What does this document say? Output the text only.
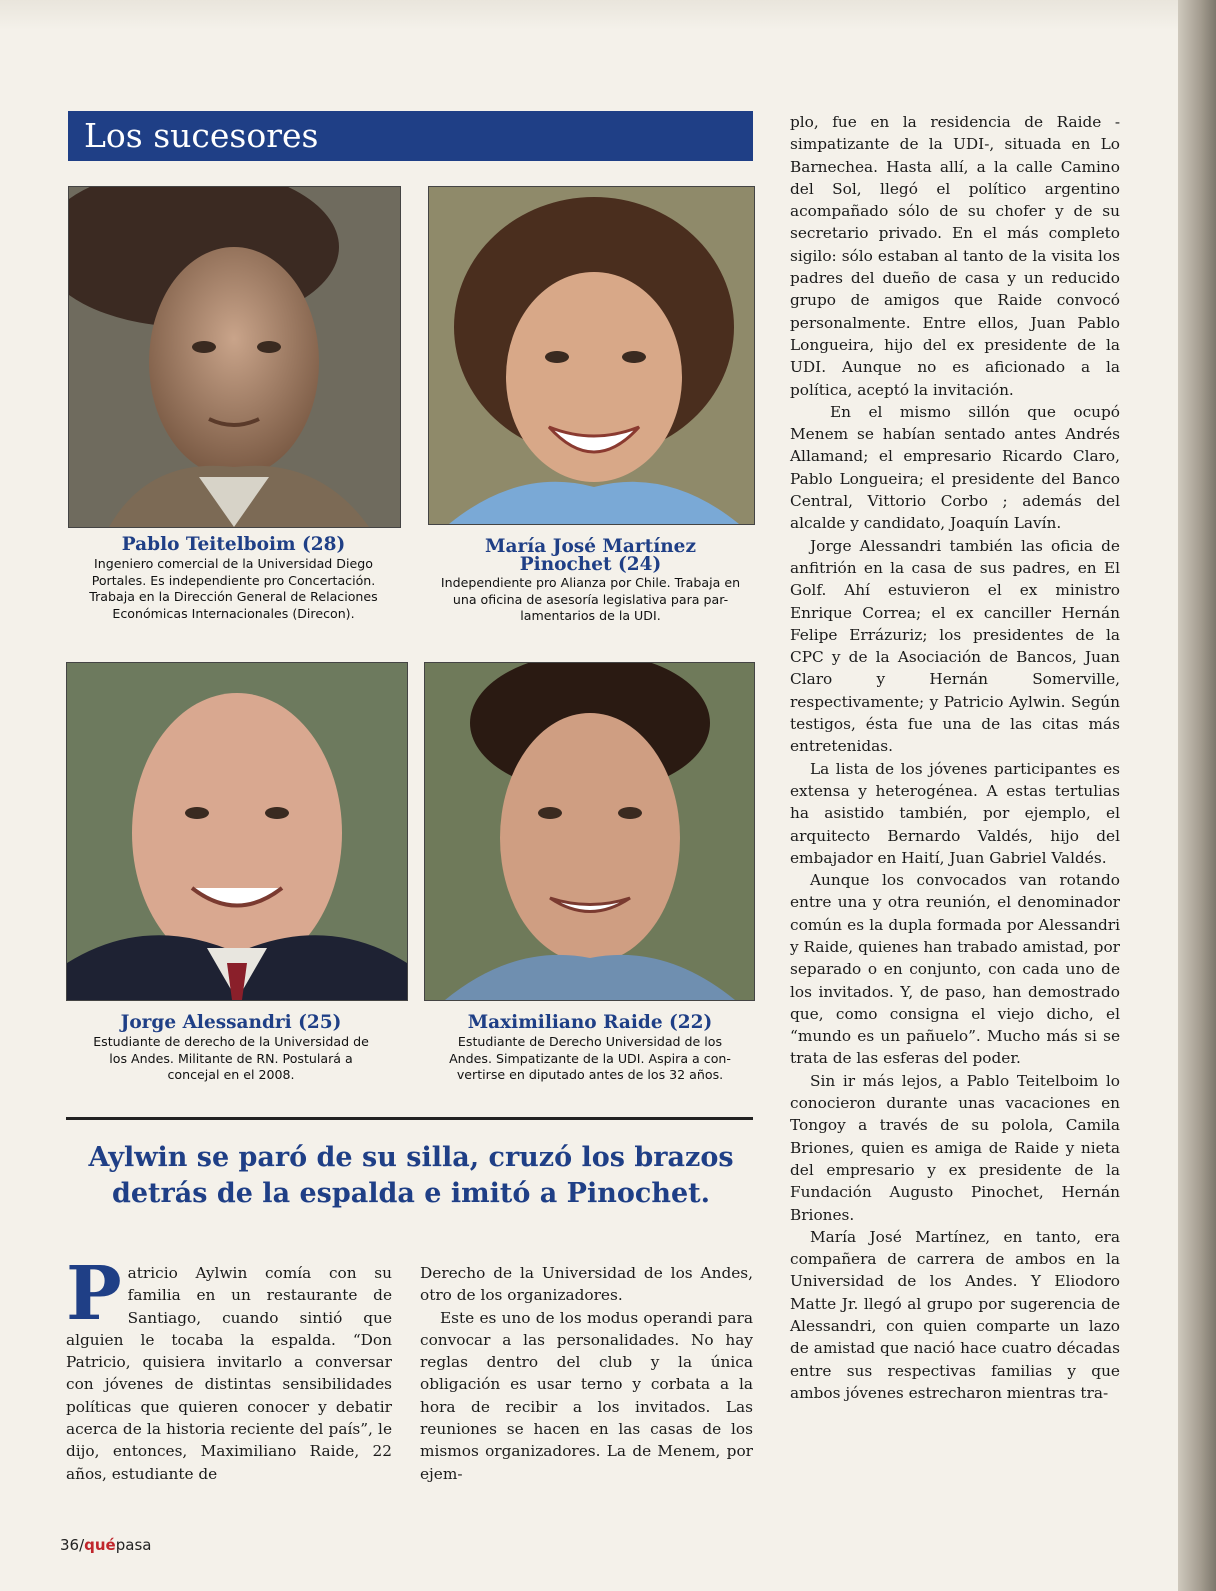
Los sucesores
Pablo Teitelboim (28)
Ingeniero comercial de la Universidad Diego
Portales. Es independiente pro Concertación.
Trabaja en la Dirección General de Relaciones
Económicas Internacionales (Direcon).
María José Martínez Pinochet (24)
Independiente pro Alianza por Chile. Trabaja en
una oficina de asesoría legislativa para par-
lamentarios de la UDI.
Jorge Alessandri (25)
Estudiante de derecho de la Universidad de
los Andes. Militante de RN. Postulará a
concejal en el 2008.
Maximiliano Raide (22)
Estudiante de Derecho Universidad de los
Andes. Simpatizante de la UDI. Aspira a con-
vertirse en diputado antes de los 32 años.
Aylwin se paró de su silla, cruzó los brazos detrás de la espalda e imitó a Pinochet.

Patricio Aylwin comía con su familia en un restaurante de Santiago, cuando sintió que alguien le tocaba la espalda. “Don Patricio, quisiera invitarlo a conversar con jóvenes de distintas sensibilidades políticas que quieren conocer y debatir acerca de la historia reciente del país”, le dijo, entonces, Maximiliano Raide, 22 años, estudiante de

Derecho de la Universidad de los Andes, otro de los organizadores.

Este es uno de los modus operandi para convocar a las personalidades. No hay reglas dentro del club y la única obligación es usar terno y corbata a la hora de recibir a los invitados. Las reuniones se hacen en las casas de los mismos organizadores. La de Menem, por ejem-

plo, fue en la residencia de Raide -simpatizante de la UDI-, situada en Lo Barnechea. Hasta allí, a la calle Camino del Sol, llegó el político argentino acompañado sólo de su chofer y de su secretario privado. En el más completo sigilo: sólo estaban al tanto de la visita los padres del dueño de casa y un reducido grupo de amigos que Raide convocó personalmente. Entre ellos, Juan Pablo Longueira, hijo del ex presidente de la UDI. Aunque no es aficionado a la política, aceptó la invitación.

En el mismo sillón que ocupó Menem se habían sentado antes Andrés Allamand; el empresario Ricardo Claro, Pablo Longueira; el presidente del Banco Central, Vittorio Corbo ; además del alcalde y candidato, Joaquín Lavín.

Jorge Alessandri también las oficia de anfitrión en la casa de sus padres, en El Golf. Ahí estuvieron el ex ministro Enrique Correa; el ex canciller Hernán Felipe Errázuriz; los presidentes de la CPC y de la Asociación de Bancos, Juan Claro y Hernán Somerville, respectivamente; y Patricio Aylwin. Según testigos, ésta fue una de las citas más entretenidas.

La lista de los jóvenes participantes es extensa y heterogénea. A estas tertulias ha asistido también, por ejemplo, el arquitecto Bernardo Valdés, hijo del embajador en Haití, Juan Gabriel Valdés.

Aunque los convocados van rotando entre una y otra reunión, el denominador común es la dupla formada por Alessandri y Raide, quienes han trabado amistad, por separado o en conjunto, con cada uno de los invitados. Y, de paso, han demostrado que, como consigna el viejo dicho, el “mundo es un pañuelo”. Mucho más si se trata de las esferas del poder.

Sin ir más lejos, a Pablo Teitelboim lo conocieron durante unas vacaciones en Tongoy a través de su polola, Camila Briones, quien es amiga de Raide y nieta del empresario y ex presidente de la Fundación Augusto Pinochet, Hernán Briones.

María José Martínez, en tanto, era compañera de carrera de ambos en la Universidad de los Andes. Y Eliodoro Matte Jr. llegó al grupo por sugerencia de Alessandri, con quien comparte un lazo de amistad que nació hace cuatro décadas entre sus respectivas familias y que ambos jóvenes estrecharon mientras tra-

36/quépasa
